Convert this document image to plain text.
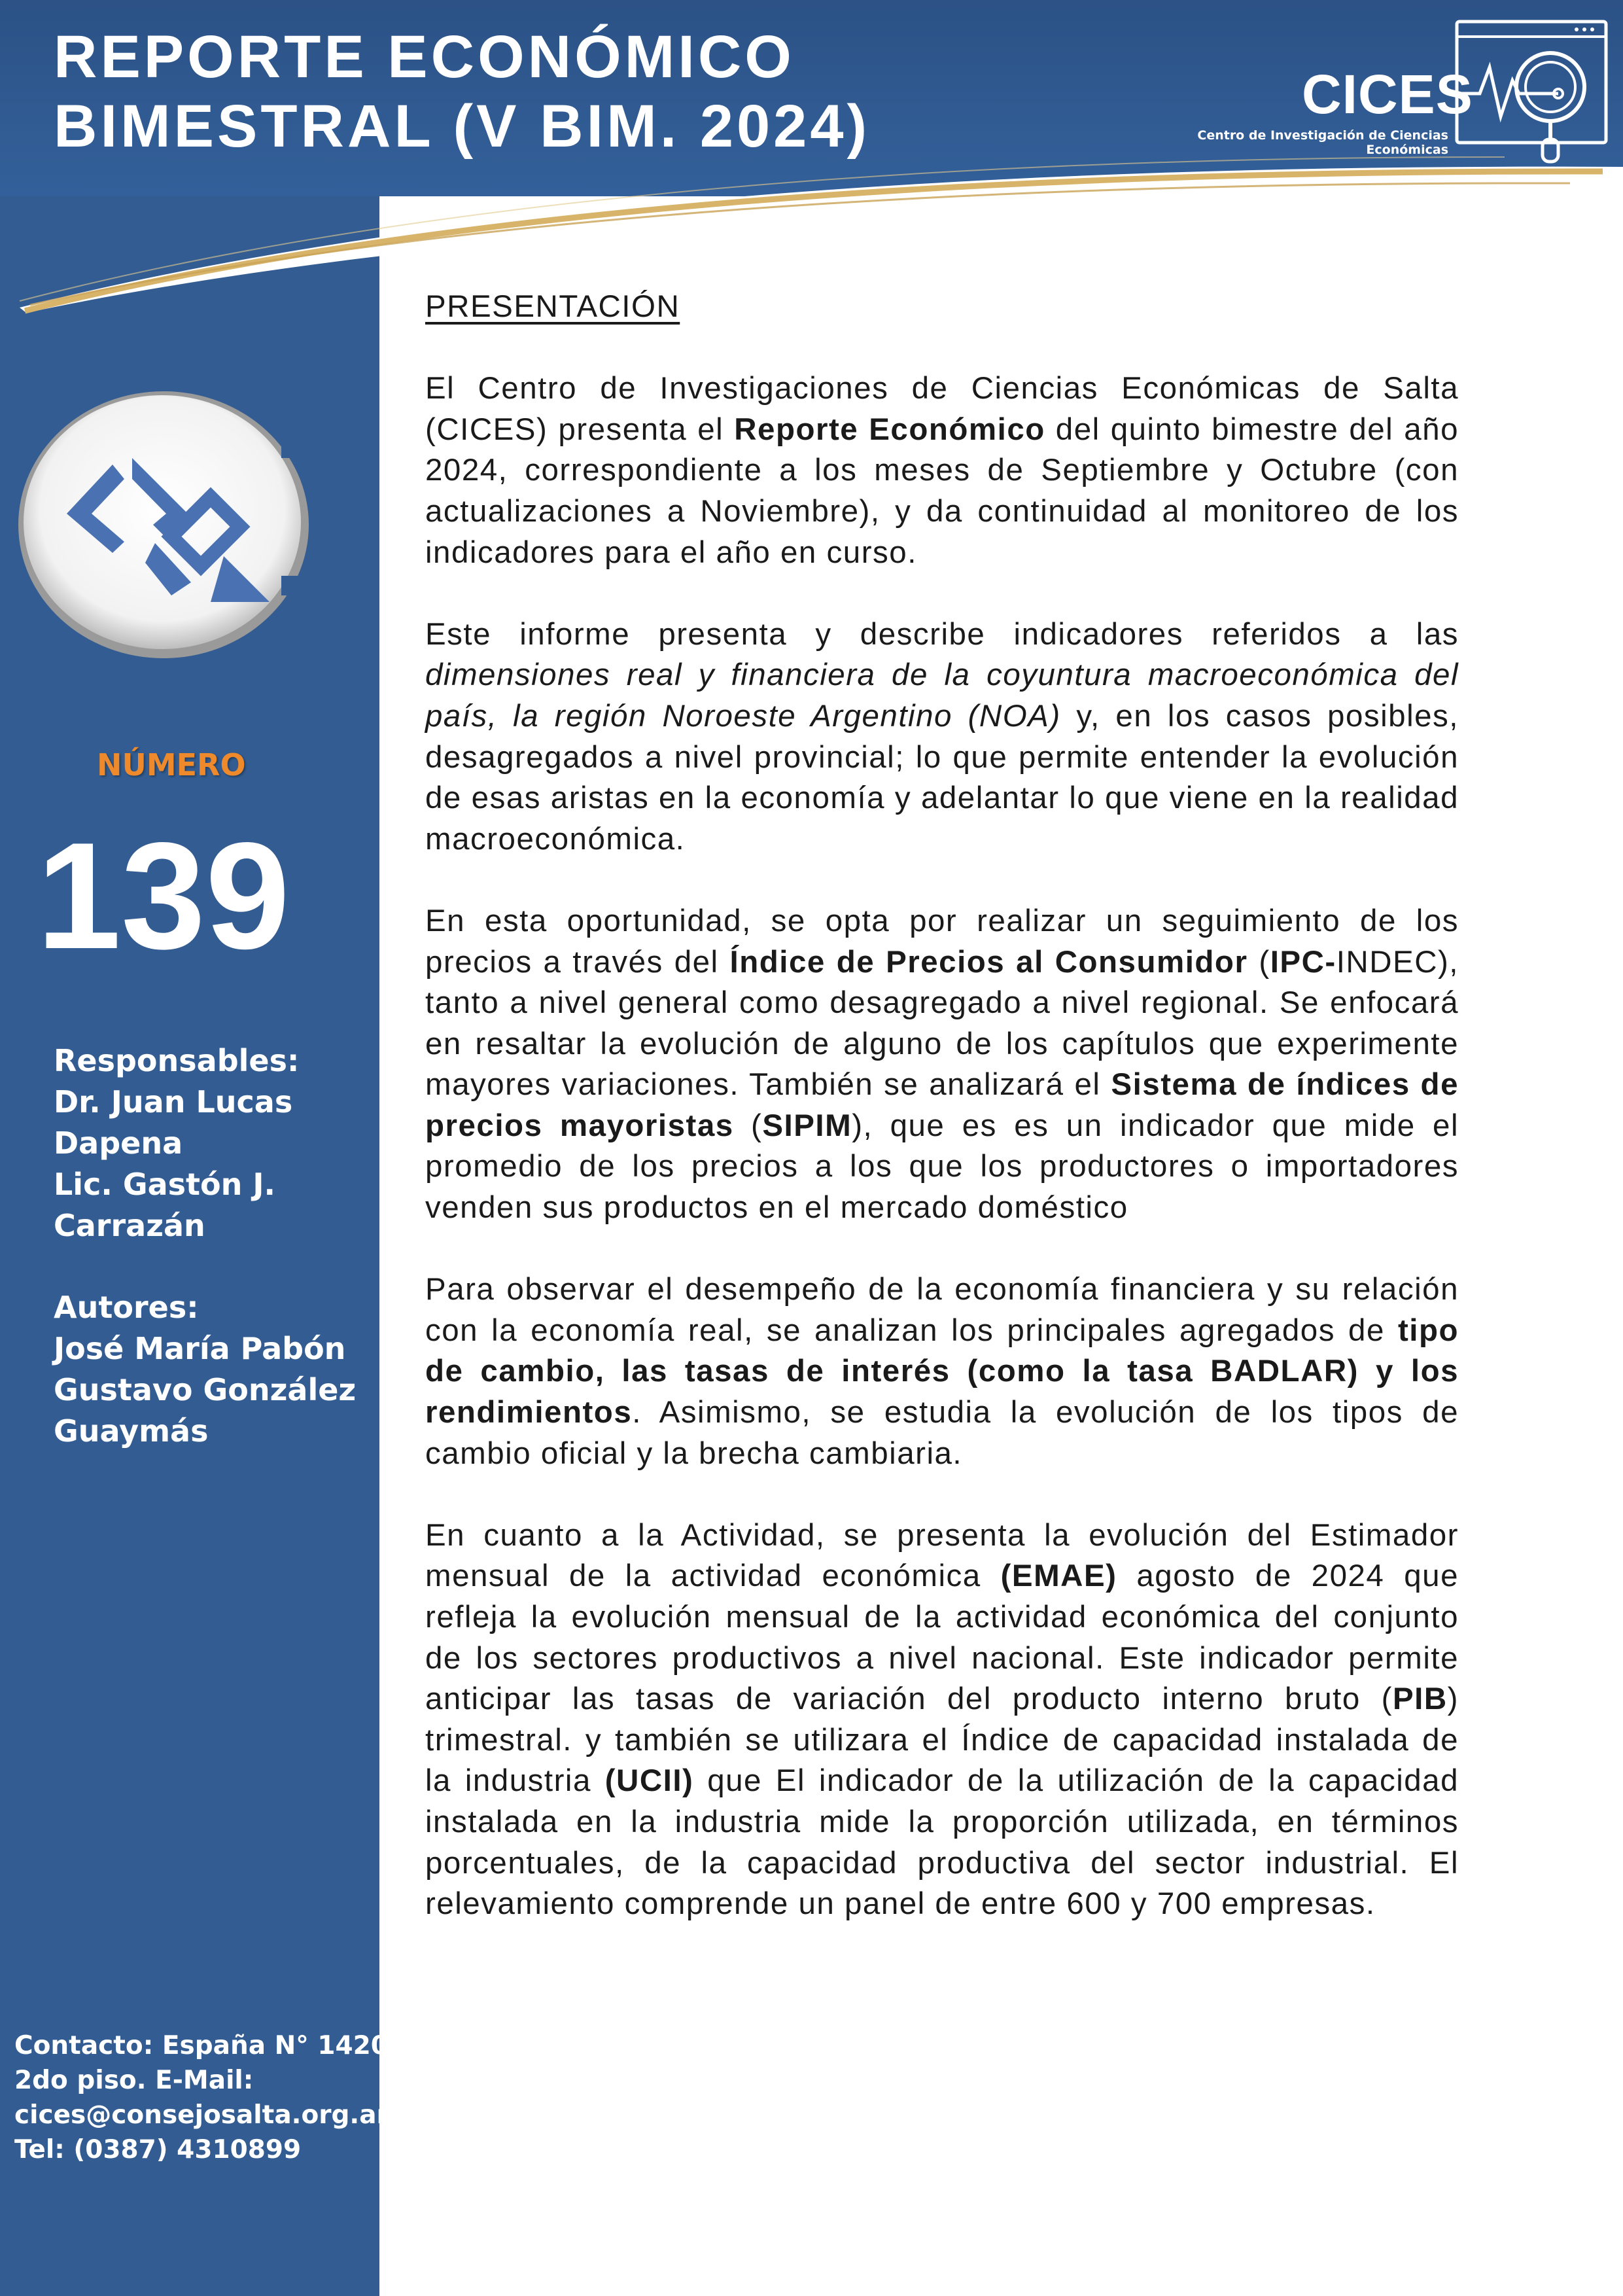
REPORTE ECONÓMICO
BIMESTRAL (V BIM. 2024)	CICES
Centro de Investigación de Ciencias Económicas
NÚMERO
139
Responsables:
Dr. Juan Lucas
Dapena
Lic. Gastón J.
Carrazán
Autores:
José María Pabón
Gustavo González
Guaymás
Contacto: España N° 1420,
2do piso. E-Mail:
cices@consejosalta.org.ar
Tel: (0387) 4310899
PRESENTACIÓN

El Centro de Investigaciones de Ciencias Económicas de Salta (CICES) presenta el Reporte Económico del quinto bimestre del año 2024, correspondiente a los meses de Septiembre y Octubre (con actualizaciones a Noviembre), y da continuidad al monitoreo de los indicadores para el año en curso.

Este informe presenta y describe indicadores referidos a las dimensiones real y financiera de la coyuntura macroeconómica del país, la región Noroeste Argentino (NOA) y, en los casos posibles, desagregados a nivel provincial; lo que permite entender la evolución de esas aristas en la economía y adelantar lo que viene en la realidad macroeconómica.

En esta oportunidad, se opta por realizar un seguimiento de los precios a través del Índice de Precios al Consumidor (IPC-INDEC), tanto a nivel general como desagregado a nivel regional. Se enfocará en resaltar la evolución de alguno de los capítulos que experimente mayores variaciones. También se analizará el Sistema de índices de precios mayoristas (SIPIM), que es es un indicador que mide el promedio de los precios a los que los productores o importadores venden sus productos en el mercado doméstico

Para observar el desempeño de la economía financiera y su relación con la economía real, se analizan los principales agregados de tipo de cambio, las tasas de interés (como la tasa BADLAR) y los rendimientos. Asimismo, se estudia la evolución de los tipos de cambio oficial y la brecha cambiaria.

En cuanto a la Actividad, se presenta la evolución del Estimador mensual de la actividad económica (EMAE) agosto de 2024 que refleja la evolución mensual de la actividad económica del conjunto de los sectores productivos a nivel nacional. Este indicador permite anticipar las tasas de variación del producto interno bruto (PIB) trimestral. y también se utilizara el Índice de capacidad instalada de la industria (UCII) que El indicador de la utilización de la capacidad instalada en la industria mide la proporción utilizada, en términos porcentuales, de la capacidad productiva del sector industrial. El relevamiento comprende un panel de entre 600 y 700 empresas.
